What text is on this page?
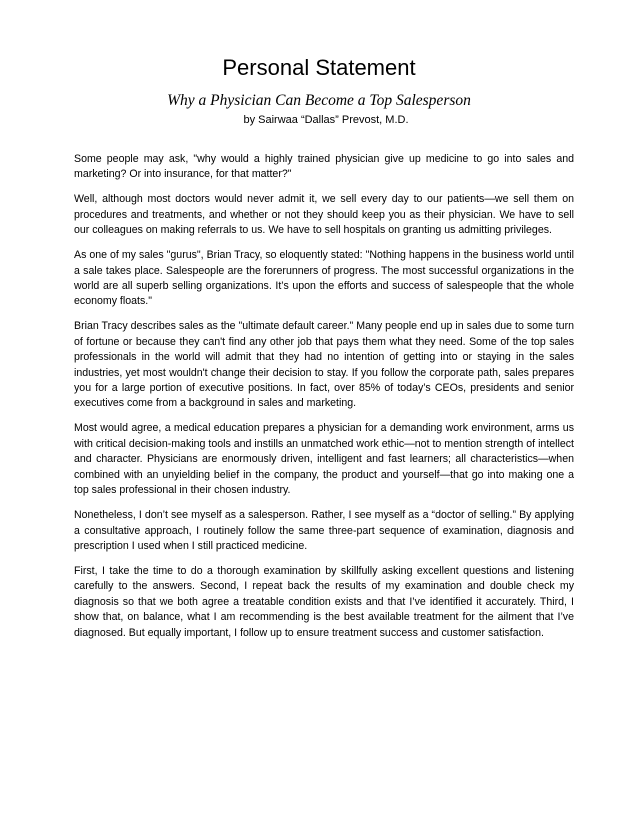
Personal Statement
Why a Physician Can Become a Top Salesperson
by Sairwaa “Dallas” Prevost, M.D.

Some people may ask, "why would a highly trained physician give up medicine to go into sales and marketing? Or into insurance, for that matter?"

Well, although most doctors would never admit it, we sell every day to our patients—we sell them on procedures and treatments, and whether or not they should keep you as their physician. We have to sell our colleagues on making referrals to us. We have to sell hospitals on granting us admitting privileges.

As one of my sales "gurus", Brian Tracy, so eloquently stated: "Nothing happens in the business world until a sale takes place. Salespeople are the forerunners of progress. The most successful organizations in the world are all superb selling organizations. It’s upon the efforts and success of salespeople that the whole economy floats."

Brian Tracy describes sales as the "ultimate default career." Many people end up in sales due to some turn of fortune or because they can't find any other job that pays them what they need. Some of the top sales professionals in the world will admit that they had no intention of getting into or staying in the sales industries, yet most wouldn't change their decision to stay. If you follow the corporate path, sales prepares you for a large portion of executive positions. In fact, over 85% of today’s CEOs, presidents and senior executives come from a background in sales and marketing.

Most would agree, a medical education prepares a physician for a demanding work environment, arms us with critical decision-making tools and instills an unmatched work ethic—not to mention strength of intellect and character. Physicians are enormously driven, intelligent and fast learners; all characteristics—when combined with an unyielding belief in the company, the product and yourself—that go into making one a top sales professional in their chosen industry.

Nonetheless, I don’t see myself as a salesperson. Rather, I see myself as a “doctor of selling.” By applying a consultative approach, I routinely follow the same three-part sequence of examination, diagnosis and prescription I used when I still practiced medicine.

First, I take the time to do a thorough examination by skillfully asking excellent questions and listening carefully to the answers. Second, I repeat back the results of my examination and double check my diagnosis so that we both agree a treatable condition exists and that I’ve identified it accurately. Third, I show that, on balance, what I am recommending is the best available treatment for the ailment that I’ve diagnosed. But equally important, I follow up to ensure treatment success and customer satisfaction.
